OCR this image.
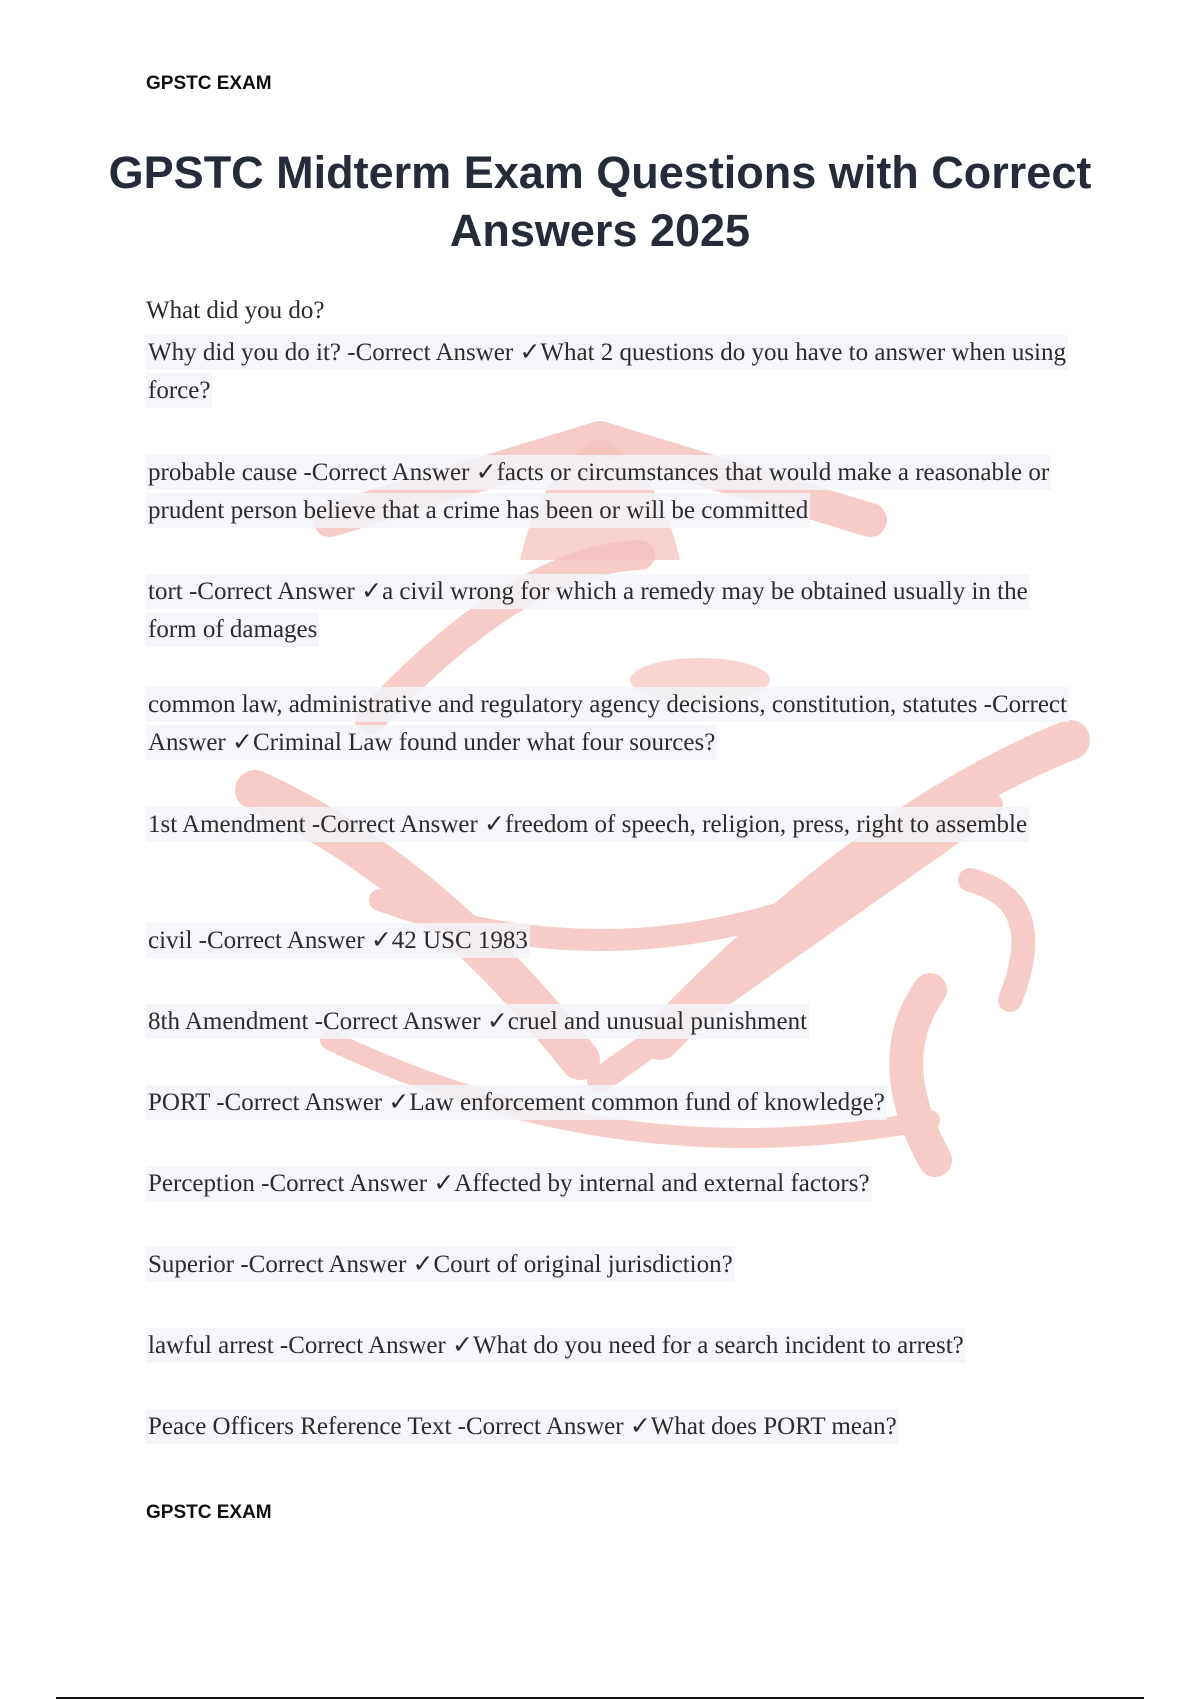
GPSTC EXAM
GPSTC Midterm Exam Questions with Correct Answers 2025
What did you do?
Why did you do it? -Correct Answer ✓What 2 questions do you have to answer when using force?
probable cause -Correct Answer ✓facts or circumstances that would make a reasonable or prudent person believe that a crime has been or will be committed
tort -Correct Answer ✓a civil wrong for which a remedy may be obtained usually in the form of damages
common law, administrative and regulatory agency decisions, constitution, statutes -Correct Answer ✓Criminal Law found under what four sources?
1st Amendment -Correct Answer ✓freedom of speech, religion, press, right to assemble
civil -Correct Answer ✓42 USC 1983
8th Amendment -Correct Answer ✓cruel and unusual punishment
PORT -Correct Answer ✓Law enforcement common fund of knowledge?
Perception -Correct Answer ✓Affected by internal and external factors?
Superior -Correct Answer ✓Court of original jurisdiction?
lawful arrest -Correct Answer ✓What do you need for a search incident to arrest?
Peace Officers Reference Text -Correct Answer ✓What does PORT mean?
GPSTC EXAM
